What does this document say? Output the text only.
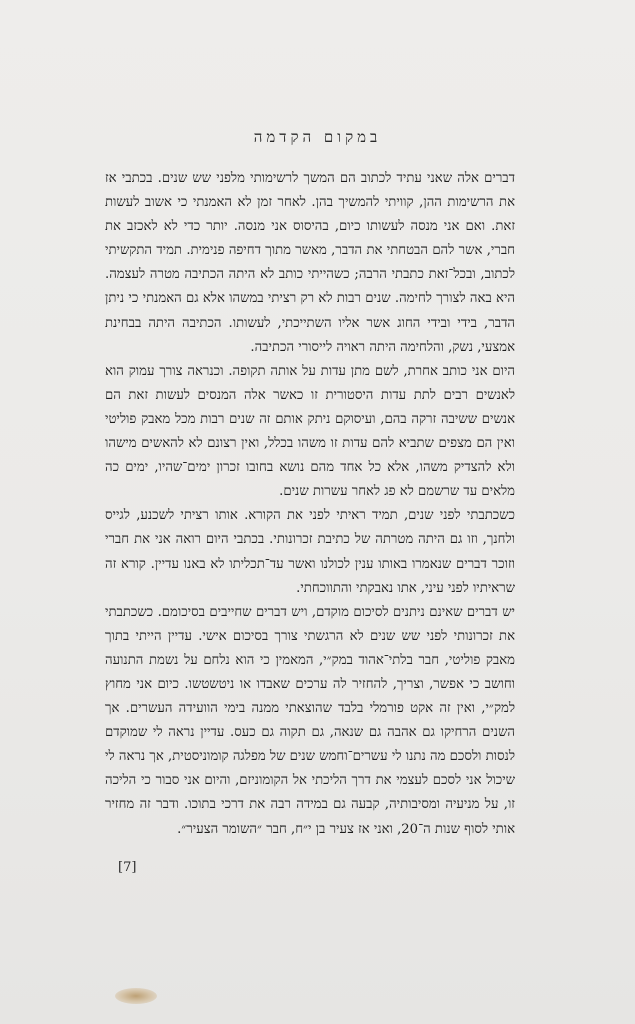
במקום הקדמה

דברים אלה שאני עתיד לכתוב הם המשך לרשימותי מלפני שש שנים. בכתבי אז את הרשימות ההן, קוויתי להמשיך בהן. לאחר זמן לא האמנתי כי אשוב לעשות זאת. ואם אני מנסה לעשותו כיום, בהיסוס אני מנסה. יותר כדי לא לאכזב את חברי, אשר להם הבטחתי את הדבר, מאשר מתוך דחיפה פנימית. תמיד התקשיתי לכתוב, ובכל־זאת כתבתי הרבה; כשהייתי כותב לא היתה הכתיבה מטרה לעצמה. היא באה לצורך לחימה. שנים רבות לא רק רציתי במשהו אלא גם האמנתי כי ניתן הדבר, בידי ובידי החוג אשר אליו השתייכתי, לעשותו. הכתיבה היתה בבחינת אמצעי, נשק, והלחימה היתה ראויה לייסורי הכתיבה.

היום אני כותב אחרת, לשם מתן עדות על אותה תקופה. וכנראה צורך עמוק הוא לאנשים רבים לתת עדות היסטורית זו כאשר אלה המנסים לעשות זאת הם אנשים ששיבה זרקה בהם, ועיסוקם ניתק אותם זה שנים רבות מכל מאבק פוליטי ואין הם מצפים שתביא להם עדות זו משהו בכלל, ואין רצונם לא להאשים מישהו ולא להצדיק משהו, אלא כל אחד מהם נושא בחובו זכרון ימים־שהיו, ימים כה מלאים עד שרשמם לא פג לאחר עשרות שנים.

כשכתבתי לפני שנים, תמיד ראיתי לפני את הקורא. אותו רציתי לשכנע, לגייס ולחנך, וזו גם היתה מטרתה של כתיבת זכרונותי. בכתבי היום רואה אני את חברי וזוכר דברים שנאמרו באותו ענין לכולנו ואשר עד־תכליתו לא באנו עדיין. קורא זה שראיתיו לפני עיני, אתו נאבקתי והתווכחתי.

יש דברים שאינם ניתנים לסיכום מוקדם, ויש דברים שחייבים בסיכומם. כשכתבתי את זכרונותי לפני שש שנים לא הרגשתי צורך בסיכום אישי. עדיין הייתי בתוך מאבק פוליטי, חבר בלתי־אהוד במק״י, המאמין כי הוא נלחם על נשמת התנועה וחושב כי אפשר, וצריך, להחזיר לה ערכים שאבדו או ניטשטשו. כיום אני מחוץ למק״י, ואין זה אקט פורמלי בלבד שהוצאתי ממנה בימי הוועידה העשרים. אך השנים הרחיקו גם אהבה גם שנאה, גם תקוה גם כעס. עדיין נראה לי שמוקדם לנסות ולסכם מה נתנו לי עשרים־וחמש שנים של מפלגה קומוניסטית, אך נראה לי שיכול אני לסכם לעצמי את דרך הליכתי אל הקומוניזם, והיום אני סבור כי הליכה זו, על מניעיה ומסיבותיה, קבעה גם במידה רבה את דרכי בתוכו. ודבר זה מחזיר אותי לסוף שנות ה־20, ואני אז צעיר בן י״ח, חבר ״השומר הצעיר״.

[7]
